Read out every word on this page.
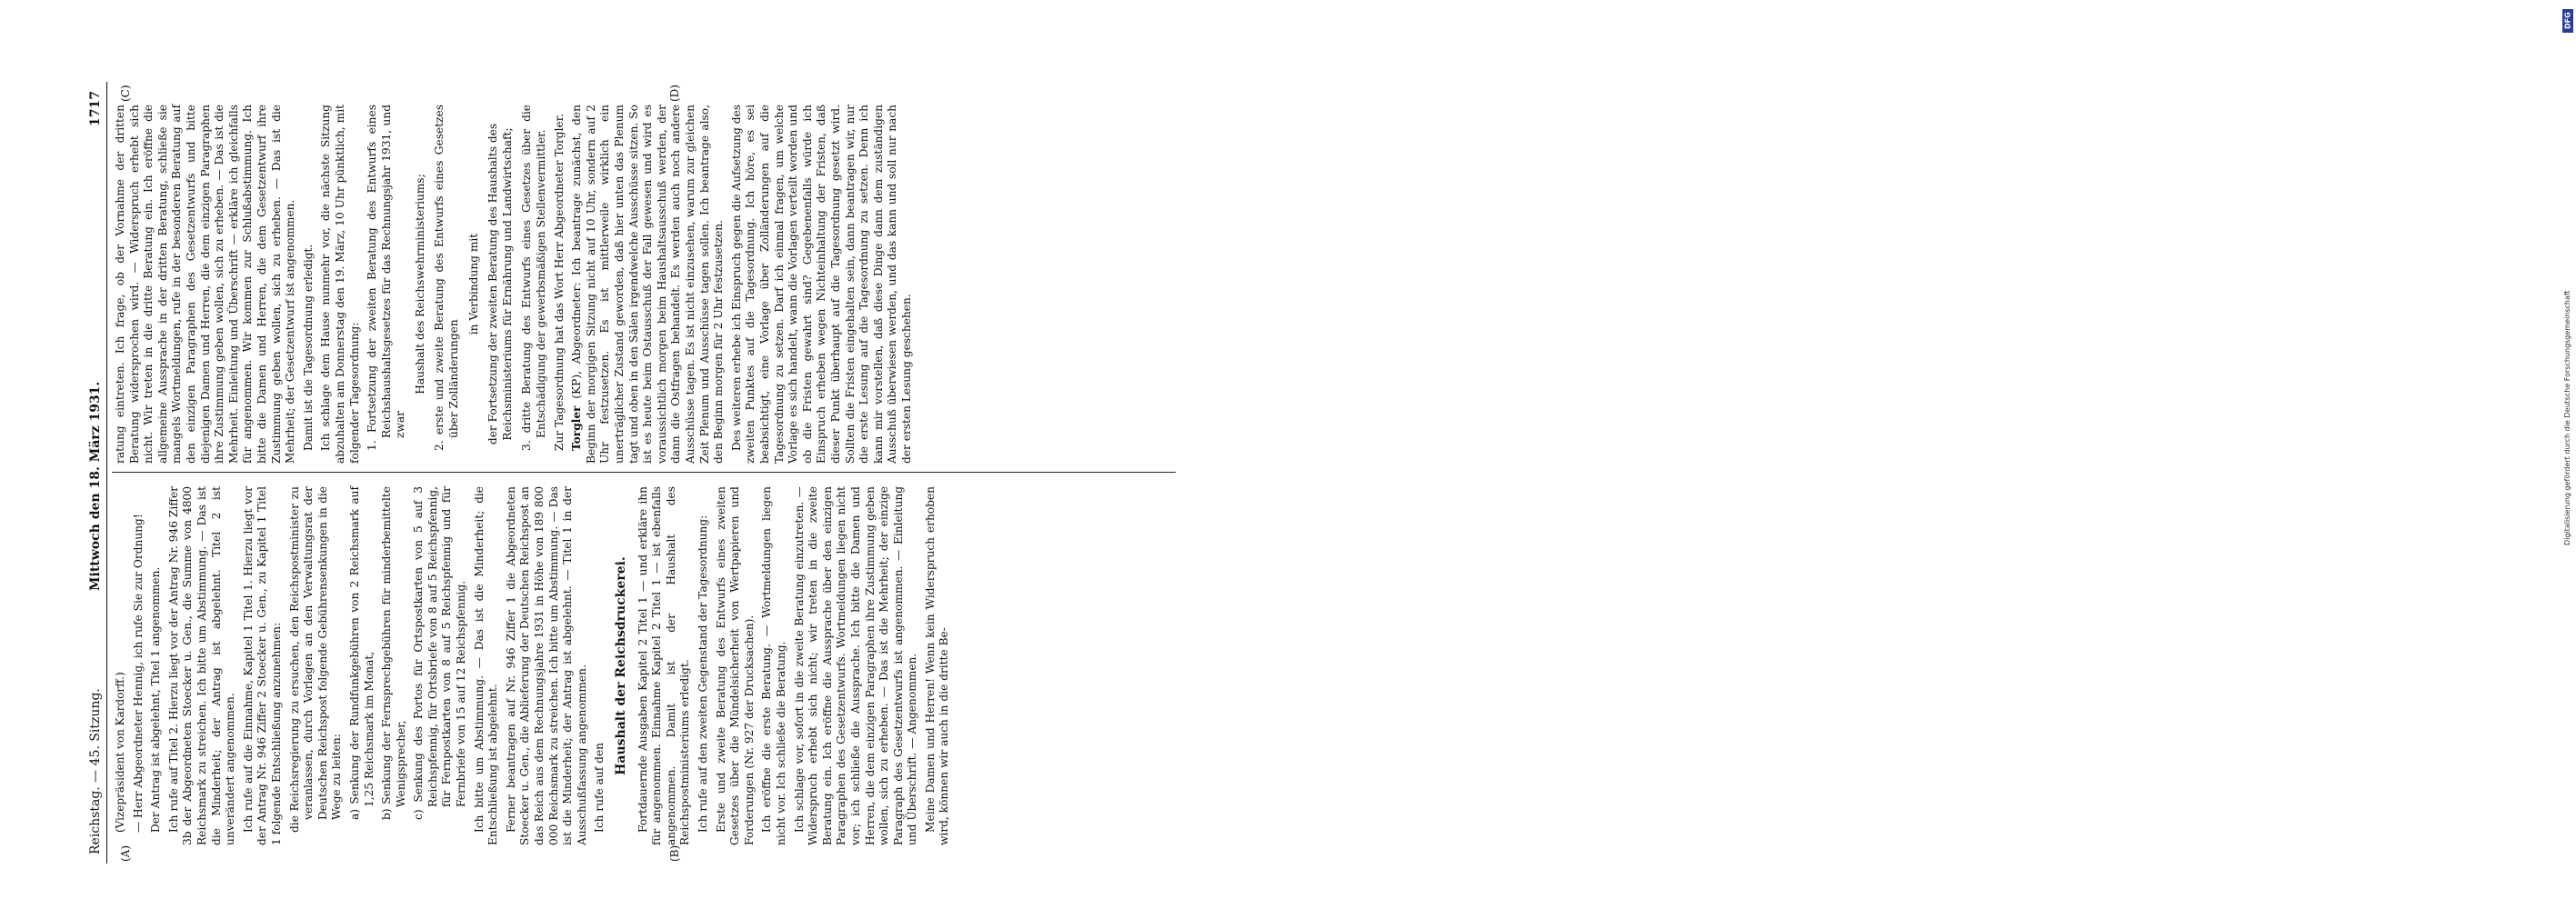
DFG
Digitalisierung gefördert durch die Deutsche Forschungsgemeinschaft
Reichstag. — 45. Sitzung.
Mittwoch den 18. März 1931.
1717
(A)	(B)
(C)	(D)

(Vizepräsident von Kardorff.) — Herr Abgeordneter Hennig, ich rufe Sie zur Ordnung! Der Antrag ist abgelehnt, Titel 1 angenommen. Ich rufe auf Titel 2. Hierzu liegt vor der Antrag Nr. 946 Ziffer 3b der Abgeordneten Stoecker u. Gen., die Summe von 4800 Reichsmark zu streichen. Ich bitte um Abstimmung. — Das ist die Minderheit; der Antrag ist abgelehnt. Titel 2 ist unverändert angenommen. Ich rufe auf die Einnahme, Kapitel 1 Titel 1. Hierzu liegt vor der Antrag Nr. 946 Ziffer 2 Stoecker u. Gen., zu Kapitel 1 Titel 1 folgende Entschließung anzunehmen: die Reichsregierung zu ersuchen, den Reichspostminister zu veranlassen, durch Vorlagen an den Verwaltungsrat der Deutschen Reichspost folgende Gebührensenkungen in die Wege zu leiten: a) Senkung der Rundfunkgebühren von 2 Reichsmark auf 1,25 Reichsmark im Monat, b) Senkung der Fernsprechgebühren für minderbemittelte Wenigsprecher, c) Senkung des Portos für Ortspostkarten von 5 auf 3 Reichspfennig, für Ortsbriefe von 8 auf 5 Reichspfennig, für Fernpostkarten von 8 auf 5 Reichspfennig und für Fernbriefe von 15 auf 12 Reichspfennig. Ich bitte um Abstimmung. — Das ist die Minderheit; die Entschließung ist abgelehnt. Ferner beantragen auf Nr. 946 Ziffer 1 die Abgeordneten Stoecker u. Gen., die Ablieferung der Deutschen Reichspost an das Reich aus dem Rechnungsjahre 1931 in Höhe von 189 800 000 Reichsmark zu streichen. Ich bitte um Abstimmung. — Das ist die Minderheit; der Antrag ist abgelehnt. — Titel 1 in der Ausschußfassung angenommen. Ich rufe auf den

Haushalt der Reichsdruckerei. Fortdauernde Ausgaben Kapitel 2 Titel 1 — und erkläre ihn für angenommen. Einnahme Kapitel 2 Titel 1 — ist ebenfalls angenommen. Damit ist der Haushalt des Reichspostministeriums erledigt. Ich rufe auf den zweiten Gegenstand der Tagesordnung: Erste und zweite Beratung des Entwurfs eines zweiten Gesetzes über die Mündelsicherheit von Wertpapieren und Forderungen (Nr. 927 der Drucksachen). Ich eröffne die erste Beratung. — Wortmeldungen liegen nicht vor. Ich schließe die Beratung. Ich schlage vor, sofort in die zweite Beratung einzutreten. — Widerspruch erhebt sich nicht; wir treten in die zweite Beratung ein. Ich eröffne die Aussprache über den einzigen Paragraphen des Gesetzentwurfs. Wortmeldungen liegen nicht vor; ich schließe die Aussprache. Ich bitte die Damen und Herren, die dem einzigen Paragraphen ihre Zustimmung geben wollen, sich zu erheben. — Das ist die Mehrheit; der einzige Paragraph des Gesetzentwurfs ist angenommen. — Einleitung und Überschrift. — Angenommen. Meine Damen und Herren! Wenn kein Widerspruch erhoben wird, können wir auch in die dritte Be-

ratung eintreten. Ich frage, ob der Vornahme der dritten Beratung widersprochen wird. — Widerspruch erhebt sich nicht. Wir treten in die dritte Beratung ein. Ich eröffne die allgemeine Aussprache in der dritten Beratung, schließe sie mangels Wortmeldungen, rufe in der besonderen Beratung auf den einzigen Paragraphen des Gesetzentwurfs und bitte diejenigen Damen und Herren, die dem einzigen Paragraphen ihre Zustimmung geben wollen, sich zu erheben. — Das ist die Mehrheit. Einleitung und Überschrift — erkläre ich gleichfalls für angenommen. Wir kommen zur Schlußabstimmung. Ich bitte die Damen und Herren, die dem Gesetzentwurf ihre Zustimmung geben wollen, sich zu erheben. — Das ist die Mehrheit; der Gesetzentwurf ist angenommen. Damit ist die Tagesordnung erledigt. Ich schlage dem Hause nunmehr vor, die nächste Sitzung abzuhalten am Donnerstag den 19. März, 10 Uhr pünktlich, mit folgender Tagesordnung: 1. Fortsetzung der zweiten Beratung des Entwurfs eines Reichshaushaltsgesetzes für das Rechnungsjahr 1931, und zwar

Haushalt des Reichswehrministeriums; 2. erste und zweite Beratung des Entwurfs eines Gesetzes über Zolländerungen

in Verbindung mit der Fortsetzung der zweiten Beratung des Haushalts des Reichsministeriums für Ernährung und Landwirtschaft; 3. dritte Beratung des Entwurfs eines Gesetzes über die Entschädigung der gewerbsmäßigen Stellenvermittler. Zur Tagesordnung hat das Wort Herr Abgeordneter Torgler. Torgler (KP), Abgeordneter: Ich beantrage zunächst, den Beginn der morgigen Sitzung nicht auf 10 Uhr, sondern auf 2 Uhr festzusetzen. Es ist mittlerweile wirklich ein unerträglicher Zustand geworden, daß hier unten das Plenum tagt und oben in den Sälen irgendwelche Ausschüsse sitzen. So ist es heute beim Ostausschuß der Fall gewesen und wird es voraussichtlich morgen beim Haushaltsausschuß werden, der dann die Ostfragen behandelt. Es werden auch noch andere Ausschüsse tagen. Es ist nicht einzusehen, warum zur gleichen Zeit Plenum und Ausschüsse tagen sollen. Ich beantrage also, den Beginn morgen für 2 Uhr festzusetzen. Des weiteren erhebe ich Einspruch gegen die Aufsetzung des zweiten Punktes auf die Tagesordnung. Ich höre, es sei beabsichtigt, eine Vorlage über Zolländerungen auf die Tagesordnung zu setzen. Darf ich einmal fragen, um welche Vorlage es sich handelt, wann die Vorlagen verteilt worden und ob die Fristen gewahrt sind? Gegebenenfalls würde ich Einspruch erheben wegen Nichteinhaltung der Fristen, daß dieser Punkt überhaupt auf die Tagesordnung gesetzt wird. Sollten die Fristen eingehalten sein, dann beantragen wir, nur die erste Lesung auf die Tagesordnung zu setzen. Denn ich kann mir vorstellen, daß diese Dinge dann dem zuständigen Ausschuß überwiesen werden, und das kann und soll nur nach der ersten Lesung geschehen.
